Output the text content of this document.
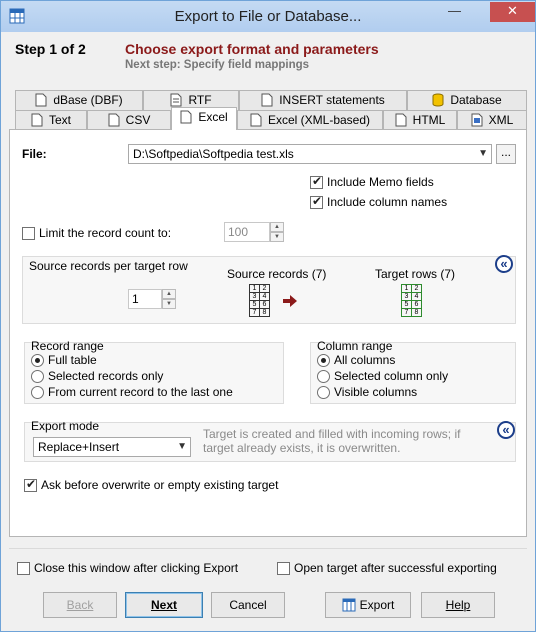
Export to File or Database...	—	✕
Step 1 of 2	Choose export format and parameters
Next step: Specify field mappings
dBase (DBF)	RTF	INSERT statements	Database
Text	CSV	Excel	Excel (XML-based)	HTML	XML
File:	D:\Softpedia\Softpedia test.xls	▼	...
✔
Include Memo fields
✔
Include column names
Limit the record count to:	100	▲
▼
Source records per target row
1	▲
▼
Source records (7)
1	2
3	4
5	6
7	8
Target rows (7)
1	2
3	4
5	6
7	8
«
Record range
Full table
Selected records only
From current record to the last one
Column range
All columns
Selected column only
Visible columns
Export mode
Replace+Insert	▼
Target is created and filled with incoming rows; if target already exists, it is overwritten.
«
✔
Ask before overwrite or empty existing target
Close this window after clicking Export	Open target after successful exporting
Back	Next	Cancel	Export	Help
